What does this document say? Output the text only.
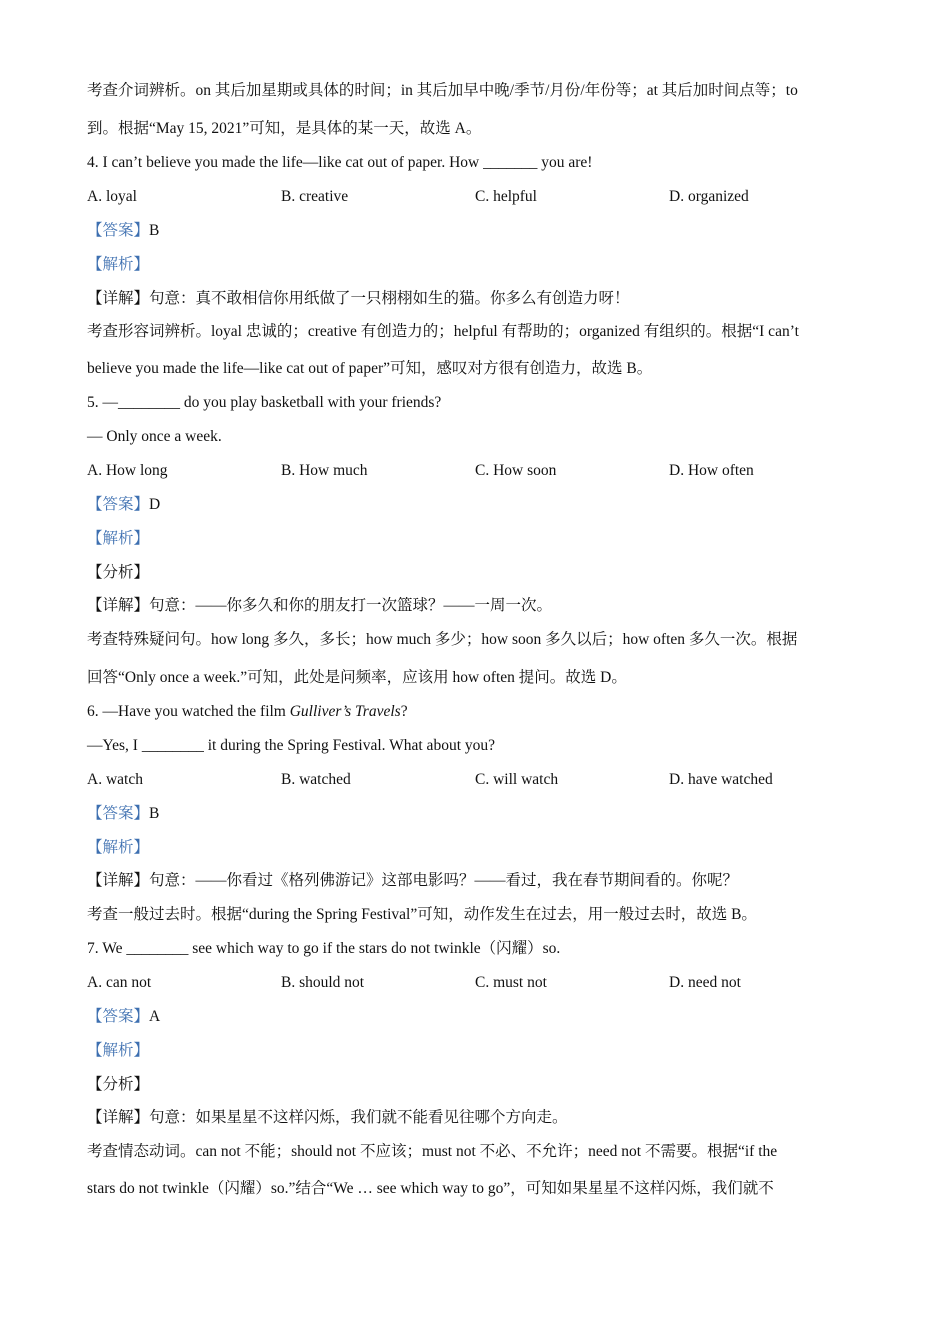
考查介词辨析。on 其后加星期或具体的时间；in 其后加早中晚/季节/月份/年份等；at 其后加时间点等；to
到。根据“May 15, 2021”可知，是具体的某一天，故选 A。
4. I can’t believe you made the life—like cat out of paper. How _______ you are!
A. loyal	B. creative	C. helpful	D. organized
【答案】B
【解析】
【详解】句意：真不敢相信你用纸做了一只栩栩如生的猫。你多么有创造力呀！
考查形容词辨析。loyal 忠诚的；creative 有创造力的；helpful 有帮助的；organized 有组织的。根据“I can’t
believe you made the life—like cat out of paper”可知，感叹对方很有创造力，故选 B。
5. —________ do you play basketball with your friends?
— Only once a week.
A. How long	B. How much	C. How soon	D. How often
【答案】D
【解析】
【分析】
【详解】句意：——你多久和你的朋友打一次篮球？——一周一次。
考查特殊疑问句。how long 多久，多长；how much 多少；how soon 多久以后；how often 多久一次。根据
回答“Only once a week.”可知，此处是问频率，应该用 how often 提问。故选 D。
6. —Have you watched the film Gulliver’s Travels?
—Yes, I ________ it during the Spring Festival. What about you?
A. watch	B. watched	C. will watch	D. have watched
【答案】B
【解析】
【详解】句意：——你看过《格列佛游记》这部电影吗？——看过，我在春节期间看的。你呢？
考查一般过去时。根据“during the Spring Festival”可知，动作发生在过去，用一般过去时，故选 B。
7. We ________ see which way to go if the stars do not twinkle（闪耀）so.
A. can not	B. should not	C. must not	D. need not
【答案】A
【解析】
【分析】
【详解】句意：如果星星不这样闪烁，我们就不能看见往哪个方向走。
考查情态动词。can not 不能；should not 不应该；must not 不必、不允许；need not 不需要。根据“if the
stars do not twinkle（闪耀）so.”结合“We … see which way to go”，可知如果星星不这样闪烁，我们就不
